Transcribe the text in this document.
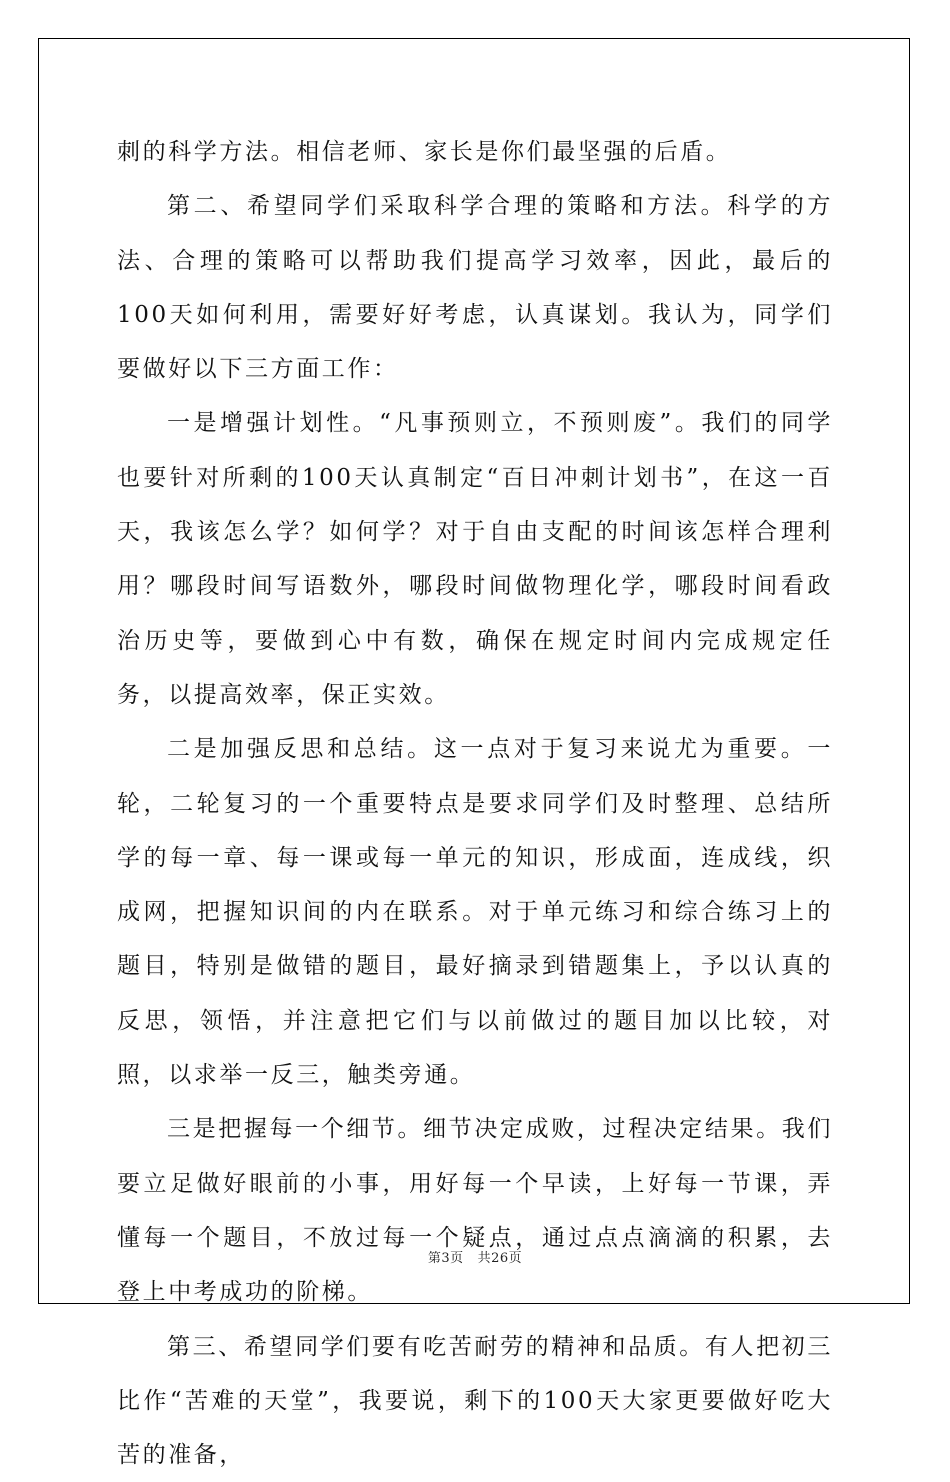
刺的科学方法。相信老师、家长是你们最坚强的后盾。

第二、希望同学们采取科学合理的策略和方法。科学的方法、合理的策略可以帮助我们提高学习效率，因此，最后的100天如何利用，需要好好考虑，认真谋划。我认为，同学们要做好以下三方面工作：

一是增强计划性。“凡事预则立，不预则废”。我们的同学也要针对所剩的100天认真制定“百日冲刺计划书”，在这一百天，我该怎么学？如何学？对于自由支配的时间该怎样合理利用？哪段时间写语数外，哪段时间做物理化学，哪段时间看政治历史等，要做到心中有数，确保在规定时间内完成规定任务，以提高效率，保正实效。

二是加强反思和总结。这一点对于复习来说尤为重要。一轮，二轮复习的一个重要特点是要求同学们及时整理、总结所学的每一章、每一课或每一单元的知识，形成面，连成线，织成网，把握知识间的内在联系。对于单元练习和综合练习上的题目，特别是做错的题目，最好摘录到错题集上，予以认真的反思，领悟，并注意把它们与以前做过的题目加以比较，对照，以求举一反三，触类旁通。

三是把握每一个细节。细节决定成败，过程决定结果。我们要立足做好眼前的小事，用好每一个早读，上好每一节课，弄懂每一个题目，不放过每一个疑点，通过点点滴滴的积累，去登上中考成功的阶梯。

第三、希望同学们要有吃苦耐劳的精神和品质。有人把初三比作“苦难的天堂”，我要说，剩下的100天大家更要做好吃大苦的准备，

第3页 共26页
